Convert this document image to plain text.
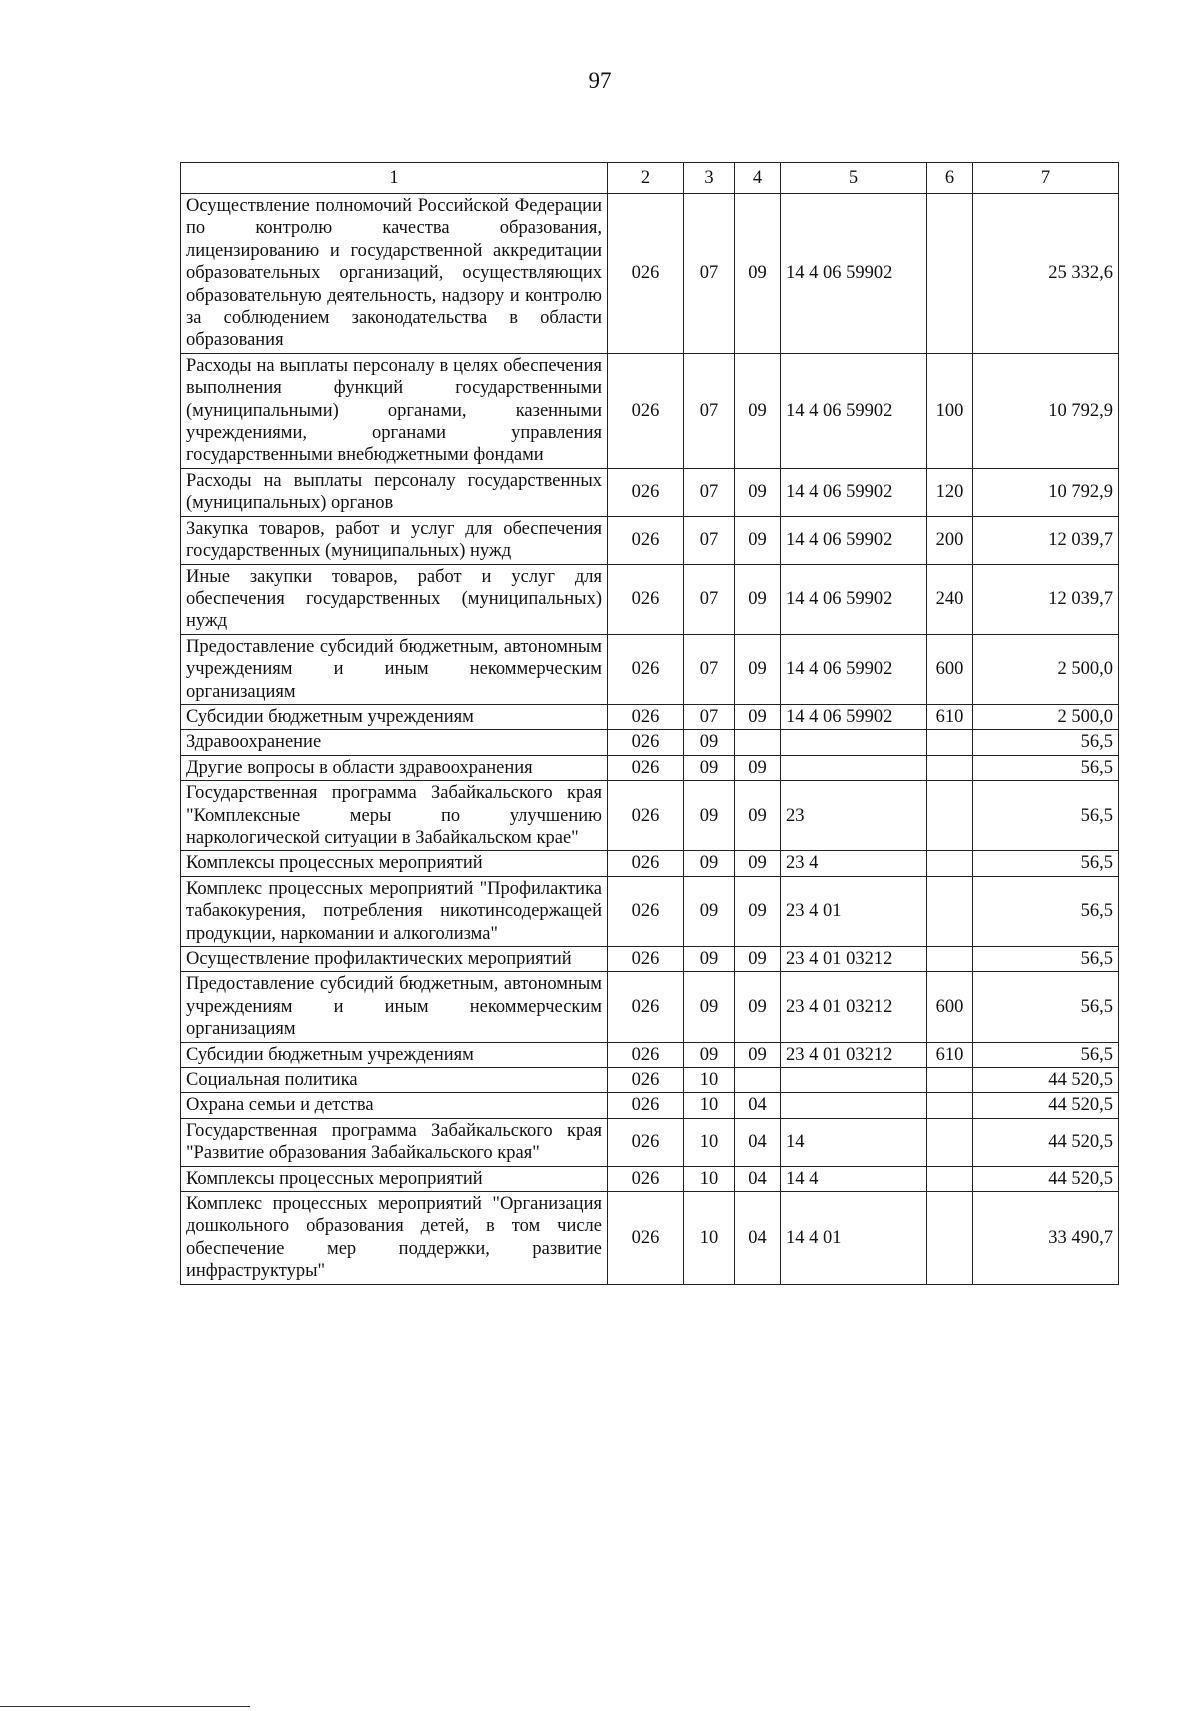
97
1	2	3	4	5	6	7
Осуществление полномочий Российской Федерации по контролю качества образования, лицензированию и государственной аккредитации образовательных организаций, осуществляющих образовательную деятельность, надзору и контролю за соблюдением законодательства в области образования	026	07	09	14 4 06 59902		25 332,6
Расходы на выплаты персоналу в целях обеспечения выполнения функций государственными (муниципальными) органами, казенными учреждениями, органами управления государственными внебюджетными фондами	026	07	09	14 4 06 59902	100	10 792,9
Расходы на выплаты персоналу государственных (муниципальных) органов	026	07	09	14 4 06 59902	120	10 792,9
Закупка товаров, работ и услуг для обеспечения государственных (муниципальных) нужд	026	07	09	14 4 06 59902	200	12 039,7
Иные закупки товаров, работ и услуг для обеспечения государственных (муниципальных) нужд	026	07	09	14 4 06 59902	240	12 039,7
Предоставление субсидий бюджетным, автономным учреждениям и иным некоммерческим организациям	026	07	09	14 4 06 59902	600	2 500,0
Субсидии бюджетным учреждениям	026	07	09	14 4 06 59902	610	2 500,0
Здравоохранение	026	09				56,5
Другие вопросы в области здравоохранения	026	09	09			56,5
Государственная программа Забайкальского края "Комплексные меры по улучшению наркологической ситуации в Забайкальском крае"	026	09	09	23		56,5
Комплексы процессных мероприятий	026	09	09	23 4		56,5
Комплекс процессных мероприятий "Профилактика табакокурения, потребления никотинсодержащей продукции, наркомании и алкоголизма"	026	09	09	23 4 01		56,5
Осуществление профилактических мероприятий	026	09	09	23 4 01 03212		56,5
Предоставление субсидий бюджетным, автономным учреждениям и иным некоммерческим организациям	026	09	09	23 4 01 03212	600	56,5
Субсидии бюджетным учреждениям	026	09	09	23 4 01 03212	610	56,5
Социальная политика	026	10				44 520,5
Охрана семьи и детства	026	10	04			44 520,5
Государственная программа Забайкальского края "Развитие образования Забайкальского края"	026	10	04	14		44 520,5
Комплексы процессных мероприятий	026	10	04	14 4		44 520,5
Комплекс процессных мероприятий "Организация дошкольного образования детей, в том числе обеспечение мер поддержки, развитие инфраструктуры"	026	10	04	14 4 01		33 490,7
